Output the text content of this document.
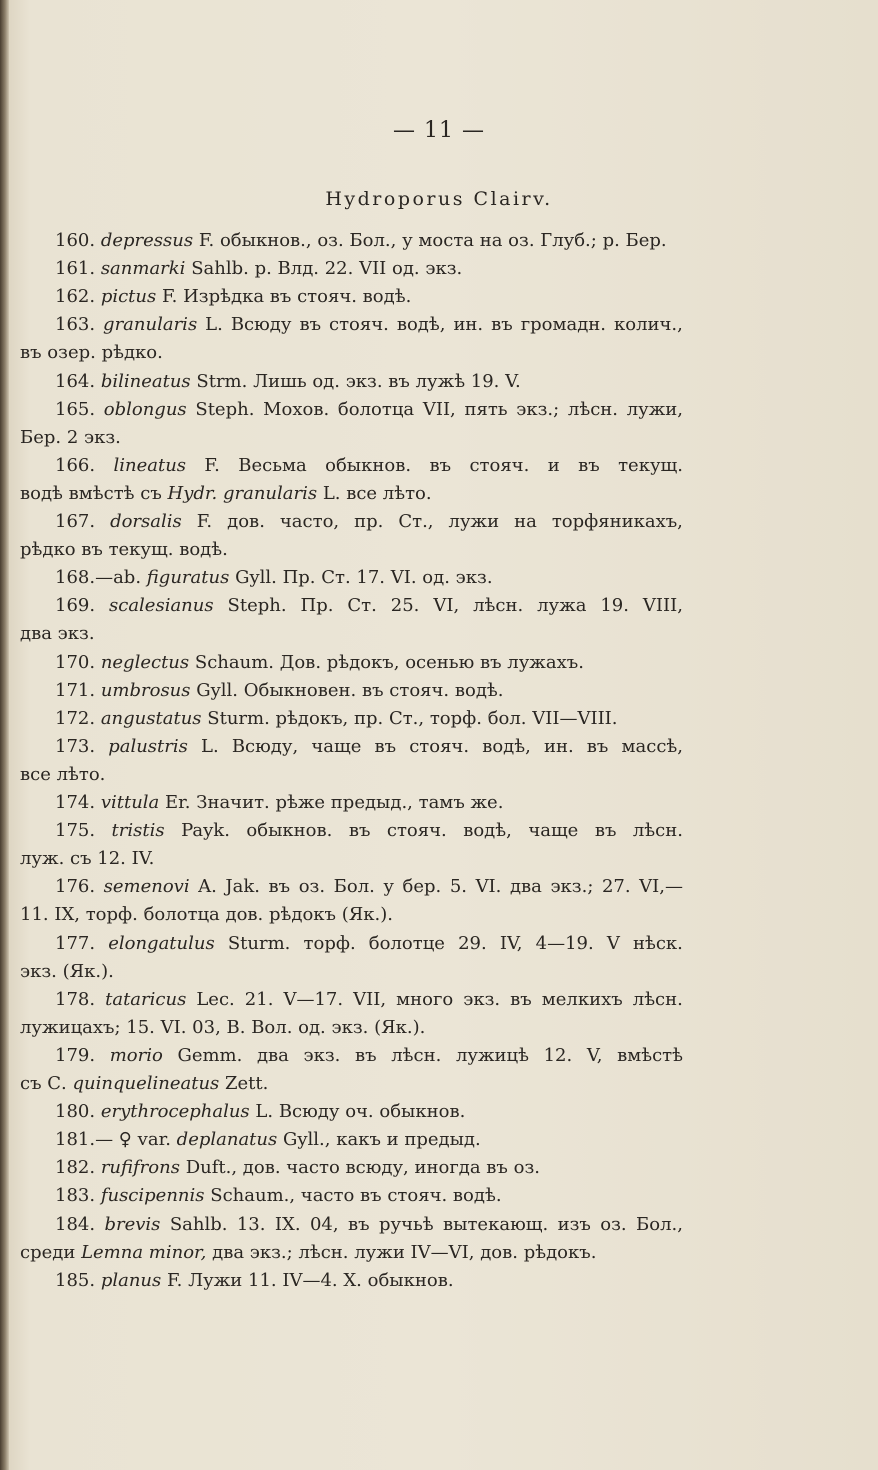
— 11 —
Hydroporus Clairv.
160. depressus F. обыкнов., оз. Бол., у моста на оз. Глуб.; р. Бер.
161. sanmarki Sahlb. р. Влд. 22. VII од. экз.
162. pictus F. Изрѣдка въ стояч. водѣ.
163. granularis L. Всюду въ стояч. водѣ, ин. въ громадн. колич.,
въ озер. рѣдко.
164. bilineatus Strm. Лишь од. экз. въ лужѣ 19. V.
165. oblongus Steph. Мохов. болотца VII, пять экз.; лѣсн. лужи,
Бер. 2 экз.
166. lineatus F. Весьма обыкнов. въ стояч. и въ текущ.
водѣ вмѣстѣ съ Hydr. granularis L. все лѣто.
167. dorsalis F. дов. часто, пр. Ст., лужи на торфяникахъ,
рѣдко въ текущ. водѣ.
168.—ab. figuratus Gyll. Пр. Ст. 17. VI. од. экз.
169. scalesianus Steph. Пр. Ст. 25. VI, лѣсн. лужа 19. VIII,
два экз.
170. neglectus Schaum. Дов. рѣдокъ, осенью въ лужахъ.
171. umbrosus Gyll. Обыкновен. въ стояч. водѣ.
172. angustatus Sturm. рѣдокъ, пр. Ст., торф. бол. VII—VIII.
173. palustris L. Всюду, чаще въ стояч. водѣ, ин. въ массѣ,
все лѣто.
174. vittula Er. Значит. рѣже предыд., тамъ же.
175. tristis Payk. обыкнов. въ стояч. водѣ, чаще въ лѣсн.
луж. съ 12. IV.
176. semenovi A. Jak. въ оз. Бол. у бер. 5. VI. два экз.; 27. VI,—
11. IX, торф. болотца дов. рѣдокъ (Як.).
177. elongatulus Sturm. торф. болотце 29. IV, 4—19. V нѣск.
экз. (Як.).
178. tataricus Lec. 21. V—17. VII, много экз. въ мелкихъ лѣсн.
лужицахъ; 15. VI. 03, В. Вол. од. экз. (Як.).
179. morio Gemm. два экз. въ лѣсн. лужицѣ 12. V, вмѣстѣ
съ С. quinquelineatus Zett.
180. erythrocephalus L. Всюду оч. обыкнов.
181.— ♀ var. deplanatus Gyll., какъ и предыд.
182. rufifrons Duft., дов. часто всюду, иногда въ оз.
183. fuscipennis Schaum., часто въ стояч. водѣ.
184. brevis Sahlb. 13. IX. 04, въ ручьѣ вытекающ. изъ оз. Бол.,
среди Lemna minor, два экз.; лѣсн. лужи IV—VI, дов. рѣдокъ.
185. planus F. Лужи 11. IV—4. X. обыкнов.
